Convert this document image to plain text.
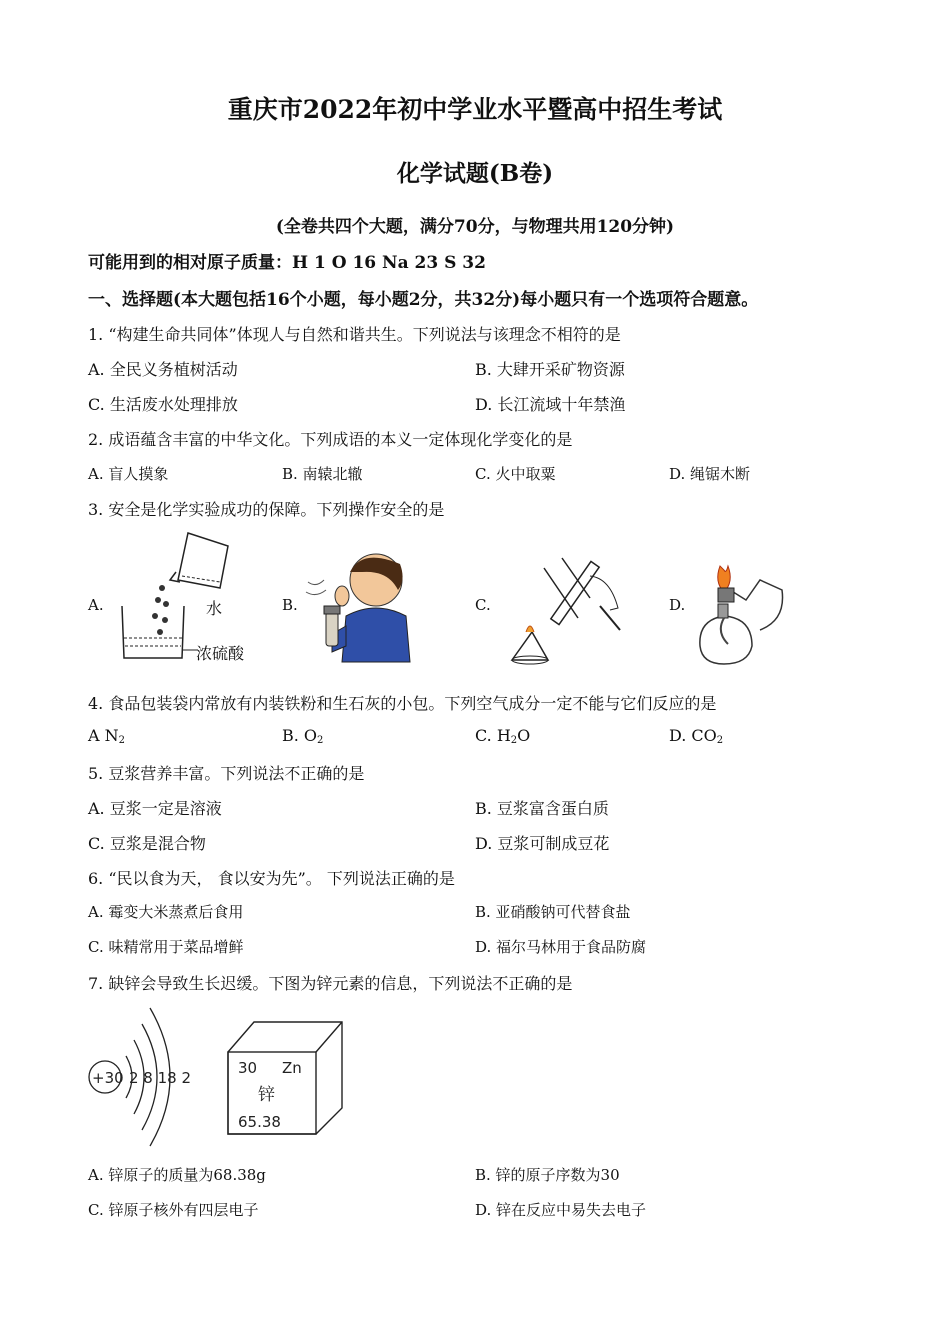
重庆市2022年初中学业水平暨高中招生考试
化学试题(B卷)
(全卷共四个大题，满分70分，与物理共用120分钟)
可能用到的相对原子质量：H 1 O 16 Na 23 S 32
一、选择题(本大题包括16个小题，每小题2分，共32分)每小题只有一个选项符合题意。
1. “构建生命共同体”体现人与自然和谐共生。下列说法与该理念不相符的是
A. 全民义务植树活动	B. 大肆开采矿物资源
C. 生活废水处理排放	D. 长江流域十年禁渔
2. 成语蕴含丰富的中华文化。下列成语的本义一定体现化学变化的是
A. 盲人摸象	B. 南辕北辙	C. 火中取粟	D. 绳锯木断
3. 安全是化学实验成功的保障。下列操作安全的是
A.	B.	C.	D.
水
浓硫酸
4. 食品包装袋内常放有内装铁粉和生石灰的小包。下列空气成分一定不能与它们反应的是
A $N_2$	B. $O_2$	C. $H_2O$	D. $CO_2$
5. 豆浆营养丰富。下列说法不正确的是
A. 豆浆一定是溶液	B. 豆浆富含蛋白质
C. 豆浆是混合物	D. 豆浆可制成豆花
6. “民以食为天， 食以安为先”。 下列说法正确的是
A. 霉变大米蒸煮后食用	B. 亚硝酸钠可代替食盐
C. 味精常用于菜品增鲜	D. 福尔马林用于食品防腐
7. 缺锌会导致生长迟缓。下图为锌元素的信息，下列说法不正确的是
+30 2 8 18 2
30 Zn
锌
65.38
A. 锌原子的质量为68.38g	B. 锌的原子序数为30
C. 锌原子核外有四层电子	D. 锌在反应中易失去电子
